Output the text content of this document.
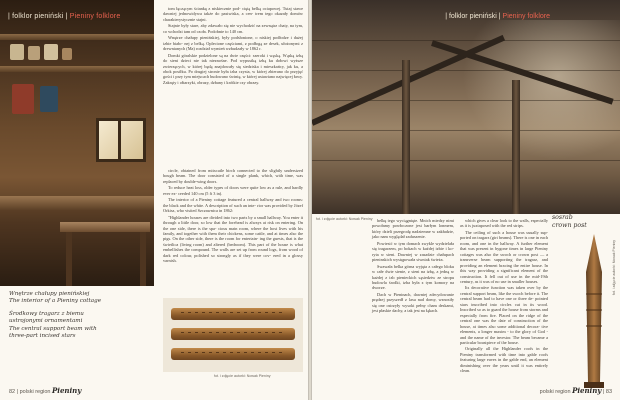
| folklor pieniński | Pieniny folklore

tom łączącym ściankę z niskiecznie pod- ciętą belką ociapowej. Tutaj stawe dawniej jednowidywa także do pastwiska, a cen- trem tego okazały domów charakterystycznie stajni.

Stajnie były stare, aby zdawało się nie wychodzić na zewnątrz chaty, na tym, co wchodzi tam od czoła. Podobnie to 140 cm.

Wnętrze chałupy pienińskiej, były podsłonione, o niskiej podłodze i dużej izbie biało- nej z belką. Oplecione częściami, z podłogą ze desek, ułożonymi z drewnianych (Ma) rozdział wymień wzbudzały w 1862 r.

Domki góralskie podzielone są na dwie części: szeroki i wąską. Wąską izbą do sieni dzieci nie tak nieznośne. Pod wypustką izbą ku dołowi wyższe zwierzęcych, w której będą znajdowały się siedziska i mieszkańcy, jak ku, a obok posiłku. Po drugiej stronie była izba czysta, w której zbierano do przyjęć gości i przy tym miejscach budowano świnię, w której ustawiano najwięcej ławy. Zakręty i ołtarzyki, obrazy, dzbany i krótkie czy obrazy.

circle, obtained from mitxcatle birch connected to the slightly undersized bough beam. The door consisted of a single plank, which, with time, was replaced by double-wing doors.

To reduce heat loss, older types of doors were quite low as a rule, and hardly ever ex- ceeded 140 cm (5 ft 3 in).

The interior of a Pieniny cottage featured a central hallway and two rooms: the black and the white. A description of such an inte- rior was provided by Józef Orkisz, who visited Szczawnica in 1862:

"Highlander houses are divided into two parts by a small hallway. You enter it through a little door, so low that the forehead is always at risk on entering. On the one side, there is the spa- cious main room, where the host lives with his family, and together with them their chickens, some cattle, and at times also the pigs. On the other side, there is the room for entertain- ing the guests, that is the świetlica (living room) and altered (bedroom). This part of the house is what embellishes the compound. The walls are set up from round logs, from wood of dark red colour, polished so strongly as if they were cov- ered in a glossy varnish.

Wnętrze chałupy pienińskiej
The interior of a Pieniny cottage
Środkowy tragarz z biemu
ustrojonymi ornamentami
The central support beam with
three-part incised stars
fot. i zdjęcie autorki: Nowak Pieniny
82 | polski region Pieniny
| folklor pieniński | Pieniny folklore
fot. i zdjęcie autorki: Nowak Pieniny	belkę tego wyciągnięte. Mnich miedzy nimi powołamy powłoczone jest barłym lonmem, który dzieli przegrodę nadziemne w zakładzie, jako nam wyglądał zaduszenie.

Powiesić w tym domach zwykle wydzielała się tragarzem, po bokach w kaźdej izbie i ko- ryta w sieni. Dawniej w zasadzie chałupach pieninskich występowała siwniak świeża.

Swawała belka górna wyjęta z całego bloku w całe dwie sienie, z sieni na izbę, a jedną w każdej z izb pienieckich sąsiedztw ze stropu budowla środki, izba była z tym komory na dworze.

Dach w Pieninach, dawniej zdecydowanie prędzej przyszedł z lasu nad domy, wznosiły się one ostrzyły wysoki pełny cham deskami, jest płaskie dachy, a tak jest na łąkach.

which gives a clear look to the walls, especially as it is juxtaposed with the red strips.

The ceiling of such a house was usually sup- ported on tragarz (girt beams). There is one in each room, and one in the hallway. A further element that was present in bygone times in large Pieniny cottages was also the swoch or crown post — a transverse beam supporting the tragarz, and providing an element bracing the entire house. In this way providing a significant element of the construction. It fell out of use in the mid-19th century, as it was of no use in smaller houses.

Its decorative function was taken over by the central support beam, like the swoch before it. The central beam had to have one or three de- pointed stars inscribed into circles cut in its wood. Inscribed so as to guard the house from storms and especially from fire. Placed on the ridge of the central one was the date of construction of the house, at times also some additional decora- tive elements, a longer maxim - to the glory of God - and the name of the investor. The beam became a particular boastpiece of the house.

Originally all the Highlander roofs in the Pieniny transformed with time into gable roofs featuring large eaves in the gable end, an element diminishing over the years until it was entirely clean.

sosrab
crown post
fot. i zdjęcie autorki: Nowak Pieniny
polski region Pieniny | 83
